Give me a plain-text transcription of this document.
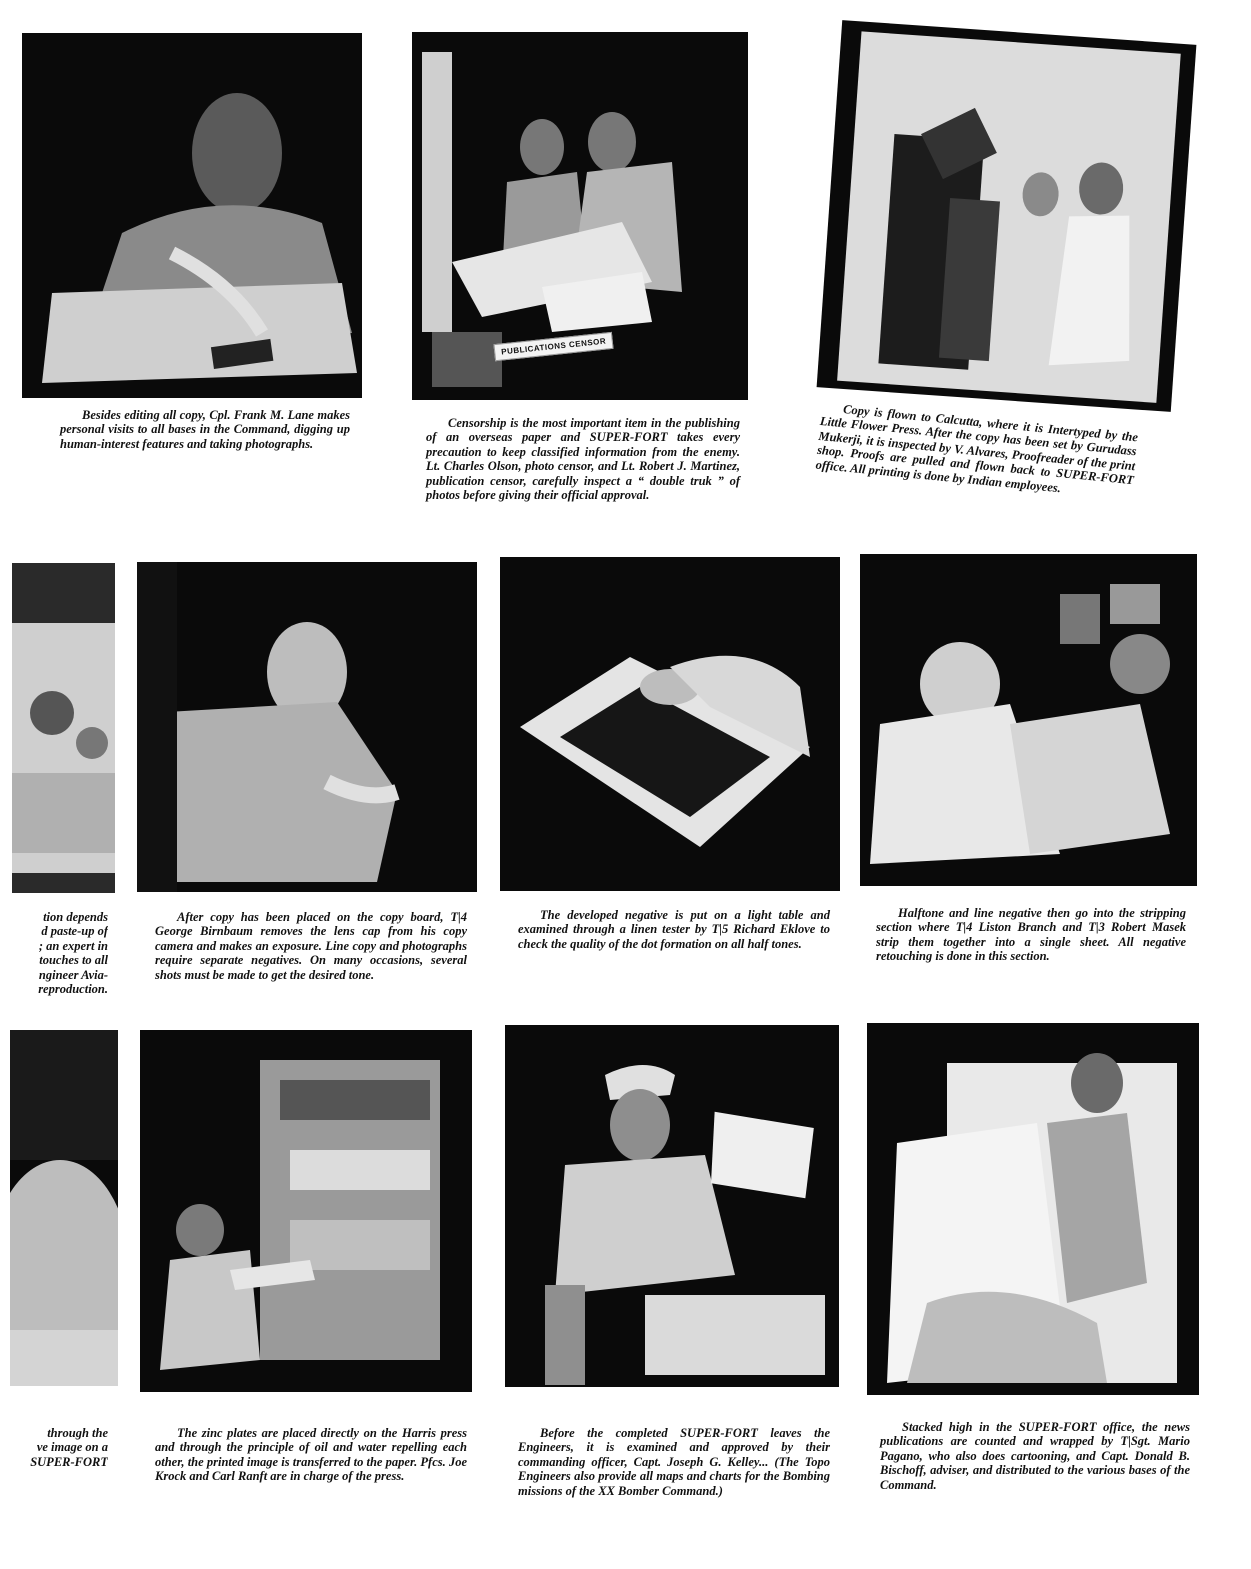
Besides editing all copy, Cpl. Frank M. Lane makes personal visits to all bases in the Command, digging up human-interest features and taking photographs.

PUBLICATIONS CENSOR

Censorship is the most important item in the publishing of an overseas paper and SUPER-FORT takes every precaution to keep classified information from the enemy. Lt. Charles Olson, photo censor, and Lt. Robert J. Martinez, publication censor, carefully inspect a “ double truk ” of photos before giving their official approval.

Copy is flown to Calcutta, where it is Intertyped by the Little Flower Press. After the copy has been set by Gurudass Mukerji, it is inspected by V. Alvares, Proofreader of the print shop. Proofs are pulled and flown back to SUPER-FORT office. All printing is done by Indian employees.

tion depends
d paste-up of
; an expert in
touches to all
ngineer Avia-
reproduction.

After copy has been placed on the copy board, T|4 George Birnbaum removes the lens cap from his copy camera and makes an exposure. Line copy and photographs require separate negatives. On many occasions, several shots must be made to get the desired tone.

The developed negative is put on a light table and examined through a linen tester by T|5 Richard Eklove to check the quality of the dot formation on all half tones.

Halftone and line negative then go into the stripping section where T|4 Liston Branch and T|3 Robert Masek strip them together into a single sheet. All negative retouching is done in this section.

through the
ve image on a
SUPER-FORT

The zinc plates are placed directly on the Harris press and through the principle of oil and water repelling each other, the printed image is transferred to the paper. Pfcs. Joe Krock and Carl Ranft are in charge of the press.

Before the completed SUPER-FORT leaves the Engineers, it is examined and approved by their commanding officer, Capt. Joseph G. Kelley... (The Topo Engineers also provide all maps and charts for the Bombing missions of the XX Bomber Command.)

Stacked high in the SUPER-FORT office, the news publications are counted and wrapped by T|Sgt. Mario Pagano, who also does cartooning, and Capt. Donald B. Bischoff, adviser, and distributed to the various bases of the Command.
